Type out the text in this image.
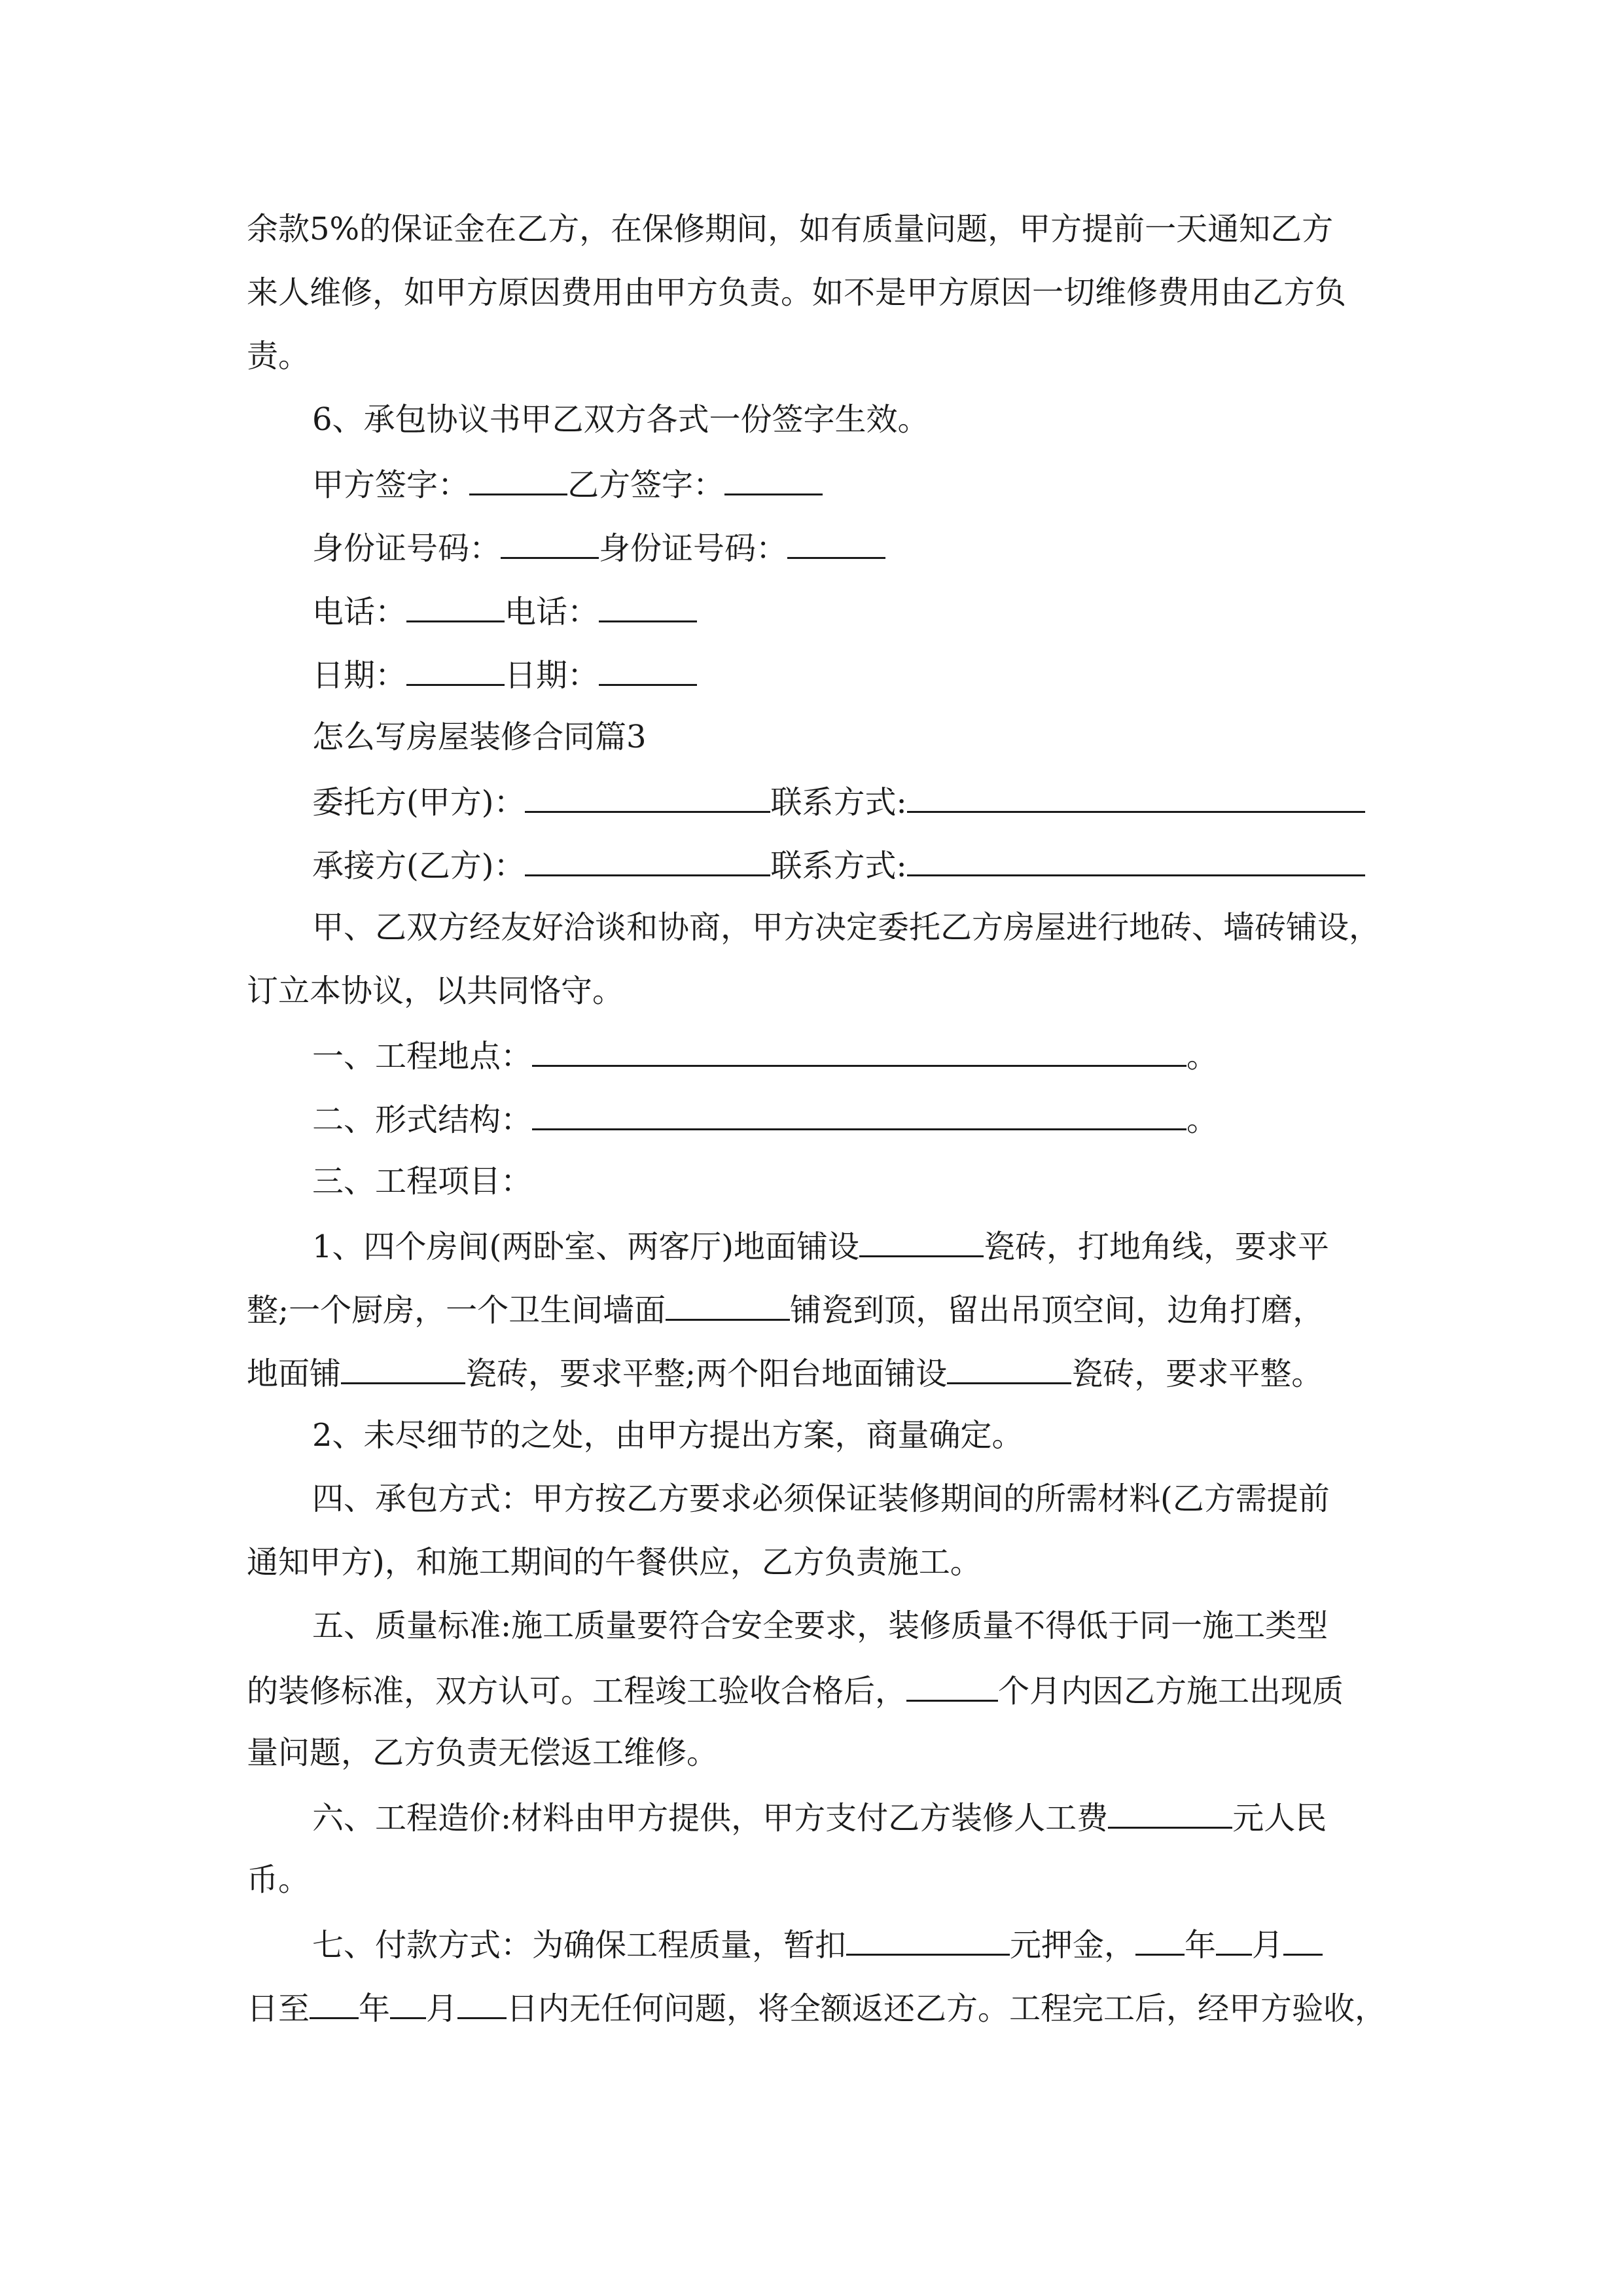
余款5%的保证金在乙方，在保修期间，如有质量问题，甲方提前一天通知乙方
来人维修，如甲方原因费用由甲方负责。如不是甲方原因一切维修费用由乙方负
责。
6、承包协议书甲乙双方各式一份签字生效。
甲方签字：	乙方签字：
身份证号码：	身份证号码：
电话：	电话：
日期：	日期：
怎么写房屋装修合同篇3
委托方(甲方)：	联系方式:
承接方(乙方)：	联系方式:
甲、乙双方经友好洽谈和协商，甲方决定委托乙方房屋进行地砖、墙砖铺设，
订立本协议，以共同恪守。
一、工程地点：	。
二、形式结构：	。
三、工程项目：
1、四个房间(两卧室、两客厅)地面铺设	瓷砖，打地角线，要求平
整;一个厨房，一个卫生间墙面	铺瓷到顶，留出吊顶空间，边角打磨，
地面铺	瓷砖，要求平整;两个阳台地面铺设	瓷砖，要求平整。
2、未尽细节的之处，由甲方提出方案，商量确定。
四、承包方式：甲方按乙方要求必须保证装修期间的所需材料(乙方需提前
通知甲方)，和施工期间的午餐供应，乙方负责施工。
五、质量标准:施工质量要符合安全要求，装修质量不得低于同一施工类型
的装修标准，双方认可。工程竣工验收合格后，	个月内因乙方施工出现质
量问题，乙方负责无偿返工维修。
六、工程造价:材料由甲方提供，甲方支付乙方装修人工费	元人民
币。
七、付款方式：为确保工程质量，暂扣	元押金， 年 月
日至 年 月 日内无任何问题，将全额返还乙方。工程完工后，经甲方验收，
